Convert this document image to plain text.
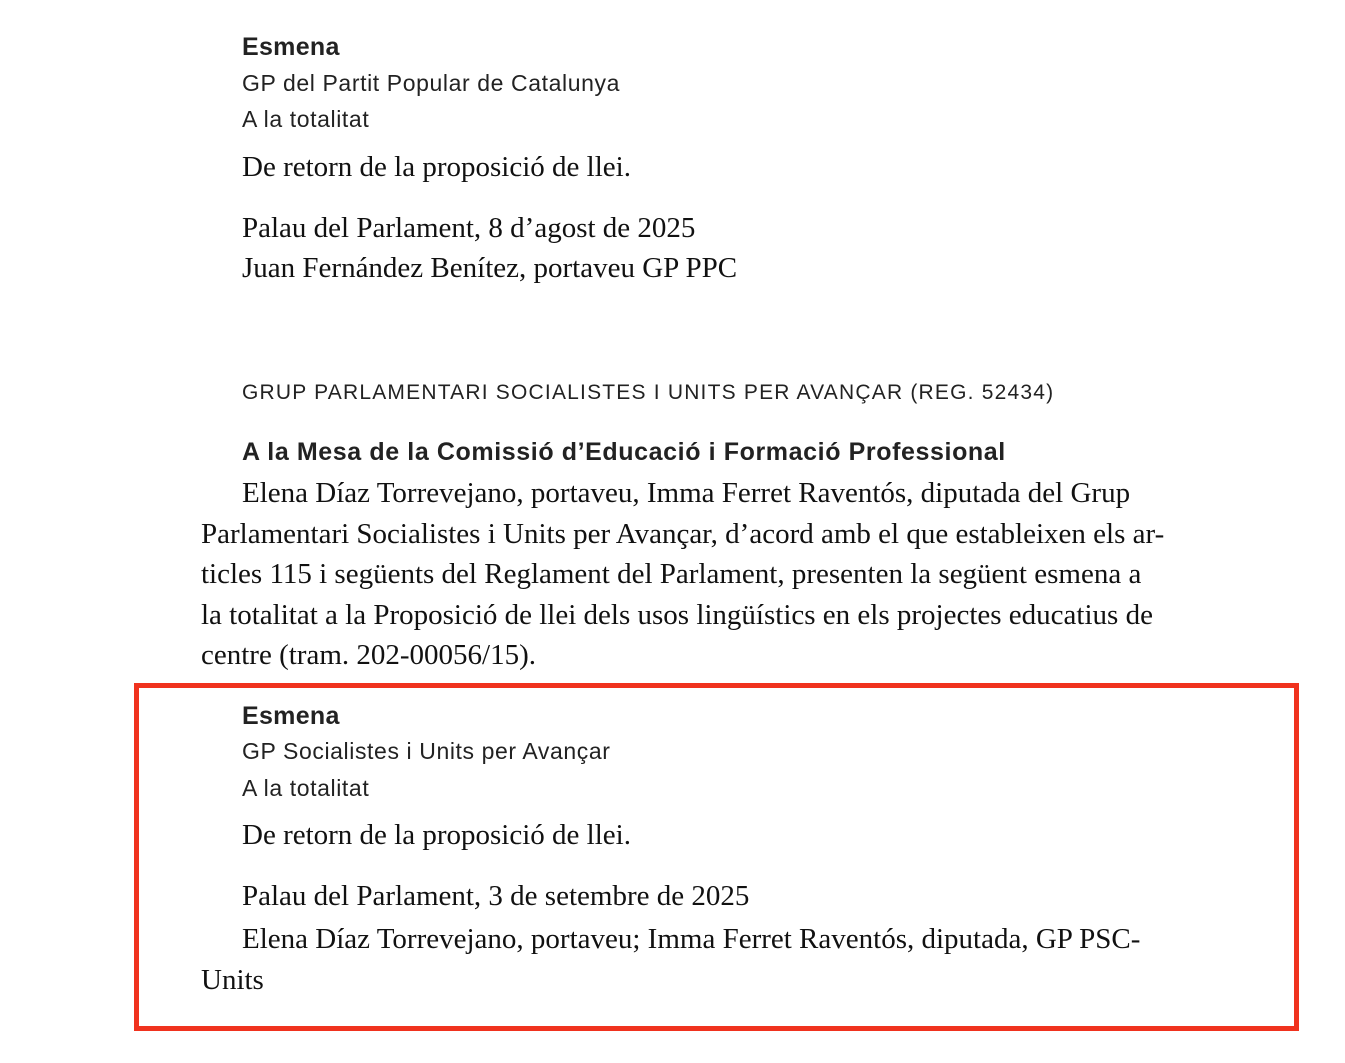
Esmena
GP del Partit Popular de Catalunya
A la totalitat
De retorn de la proposició de llei.
Palau del Parlament, 8 d’agost de 2025
Juan Fernández Benítez, portaveu GP PPC
GRUP PARLAMENTARI SOCIALISTES I UNITS PER AVANÇAR (REG. 52434)
A la Mesa de la Comissió d’Educació i Formació Professional
Elena Díaz Torrevejano, portaveu, Imma Ferret Raventós, diputada del Grup
Parlamentari Socialistes i Units per Avançar, d’acord amb el que estableixen els ar-
ticles 115 i següents del Reglament del Parlament, presenten la següent esmena a
la totalitat a la Proposició de llei dels usos lingüístics en els projectes educatius de
centre (tram. 202-00056/15).
Esmena
GP Socialistes i Units per Avançar
A la totalitat
De retorn de la proposició de llei.
Palau del Parlament, 3 de setembre de 2025
Elena Díaz Torrevejano, portaveu; Imma Ferret Raventós, diputada, GP PSC-
Units
